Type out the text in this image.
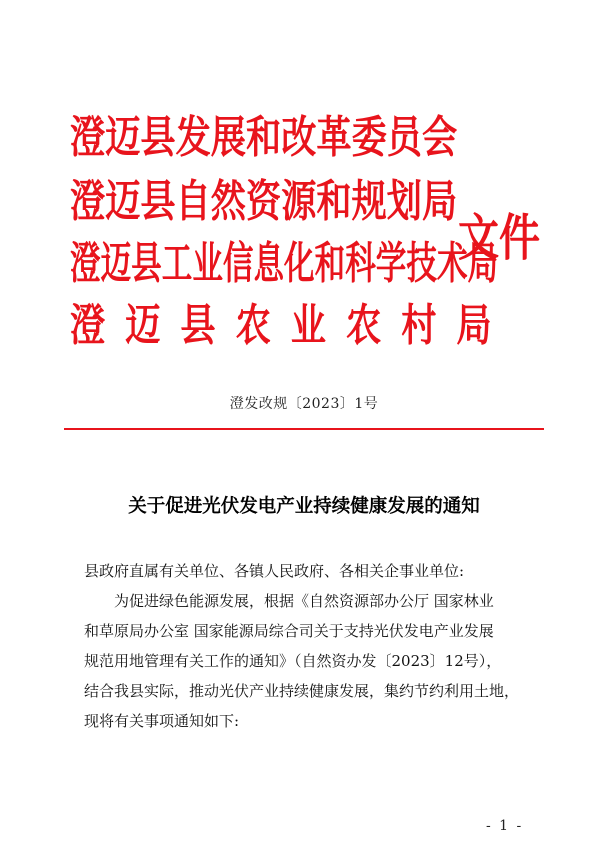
澄迈县发展和改革委员会
澄迈县自然资源和规划局
澄迈县工业信息化和科学技术局
澄迈县农业农村局
文件
澄发改规〔2023〕1号
关于促进光伏发电产业持续健康发展的通知
县政府直属有关单位、各镇人民政府、各相关企事业单位:
为促进绿色能源发展，根据《自然资源部办公厅 国家林业
和草原局办公室 国家能源局综合司关于支持光伏发电产业发展
规范用地管理有关工作的通知》（自然资办发〔2023〕12号），
结合我县实际，推动光伏产业持续健康发展，集约节约利用土地，
现将有关事项通知如下:
- 1 -
